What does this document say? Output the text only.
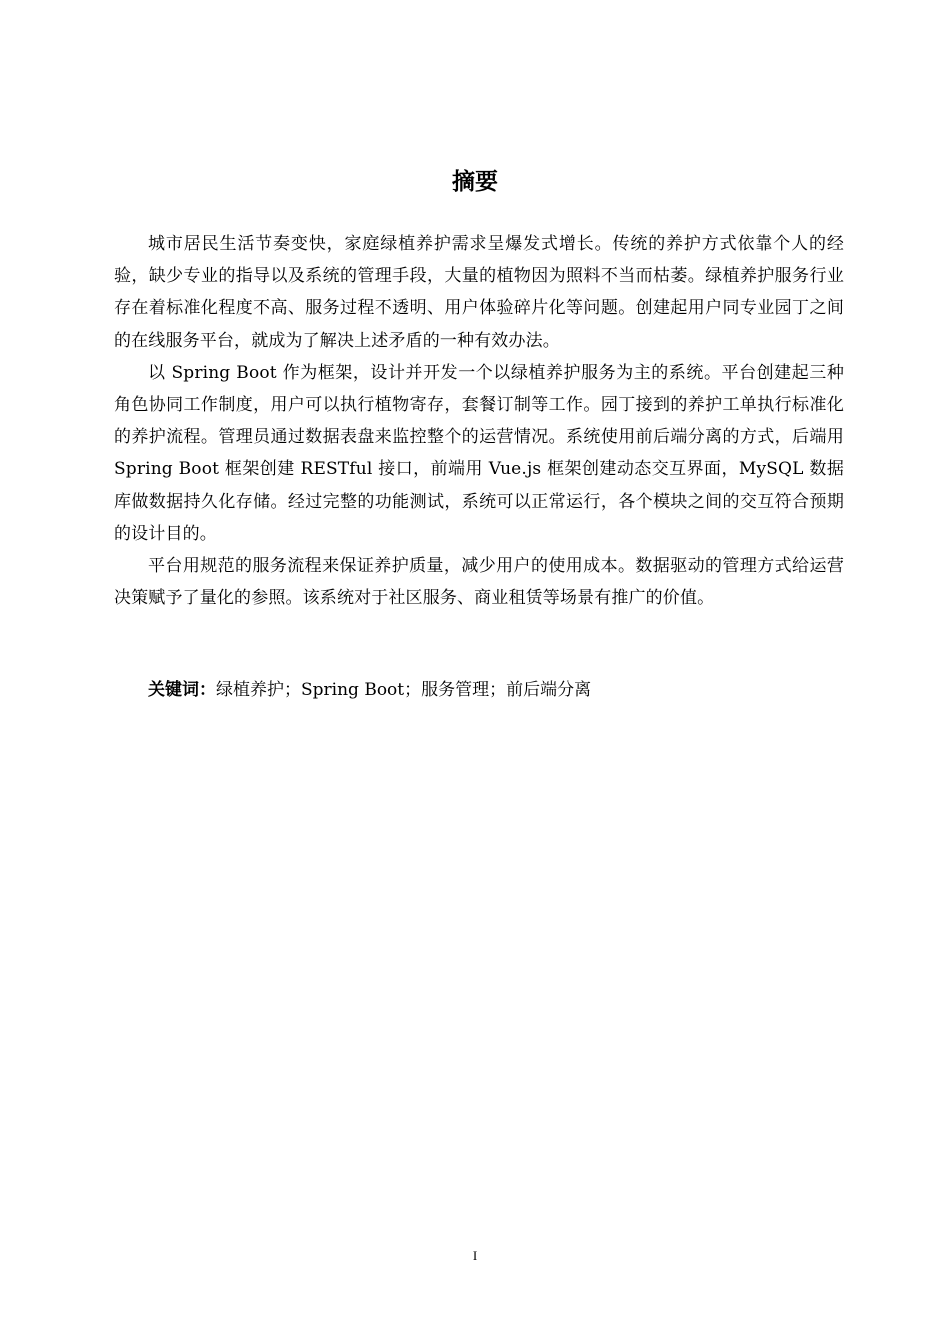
摘要

城市居民生活节奏变快，家庭绿植养护需求呈爆发式增长。传统的养护方式依靠个人的经验，缺少专业的指导以及系统的管理手段，大量的植物因为照料不当而枯萎。绿植养护服务行业存在着标准化程度不高、服务过程不透明、用户体验碎片化等问题。创建起用户同专业园丁之间的在线服务平台，就成为了解决上述矛盾的一种有效办法。

以 Spring Boot 作为框架，设计并开发一个以绿植养护服务为主的系统。平台创建起三种角色协同工作制度，用户可以执行植物寄存，套餐订制等工作。园丁接到的养护工单执行标准化的养护流程。管理员通过数据表盘来监控整个的运营情况。系统使用前后端分离的方式，后端用 Spring Boot 框架创建 RESTful 接口，前端用 Vue.js 框架创建动态交互界面，MySQL 数据库做数据持久化存储。经过完整的功能测试，系统可以正常运行，各个模块之间的交互符合预期的设计目的。

平台用规范的服务流程来保证养护质量，减少用户的使用成本。数据驱动的管理方式给运营决策赋予了量化的参照。该系统对于社区服务、商业租赁等场景有推广的价值。

关键词：绿植养护；Spring Boot；服务管理；前后端分离

I
